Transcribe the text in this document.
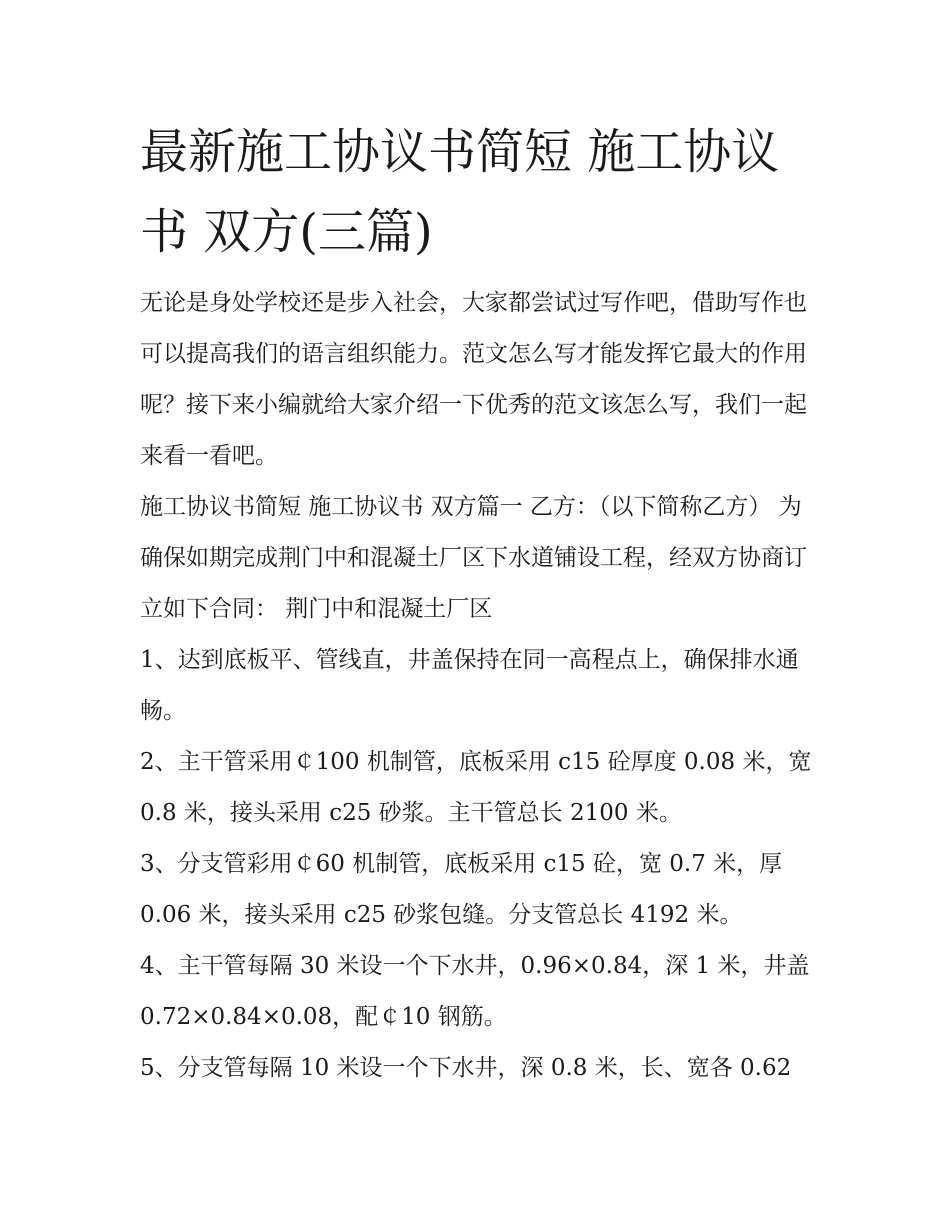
最新施工协议书简短 施工协议书 双方(三篇)

无论是身处学校还是步入社会，大家都尝试过写作吧，借助写作也可以提高我们的语言组织能力。范文怎么写才能发挥它最大的作用呢？接下来小编就给大家介绍一下优秀的范文该怎么写，我们一起来看一看吧。

施工协议书简短 施工协议书 双方篇一 乙方：（以下简称乙方） 为确保如期完成荆门中和混凝土厂区下水道铺设工程，经双方协商订立如下合同： 荆门中和混凝土厂区

1、达到底板平、管线直，井盖保持在同一高程点上，确保排水通畅。

2、主干管采用￠100 机制管，底板采用 c15 砼厚度 0.08 米，宽 0.8 米，接头采用 c25 砂浆。主干管总长 2100 米。

3、分支管彩用￠60 机制管，底板采用 c15 砼，宽 0.7 米，厚 0.06 米，接头采用 c25 砂浆包缝。分支管总长 4192 米。

4、主干管每隔 30 米设一个下水井，0.96×0.84，深 1 米，井盖 0.72×0.84×0.08，配￠10 钢筋。

5、分支管每隔 10 米设一个下水井，深 0.8 米，长、宽各 0.62
